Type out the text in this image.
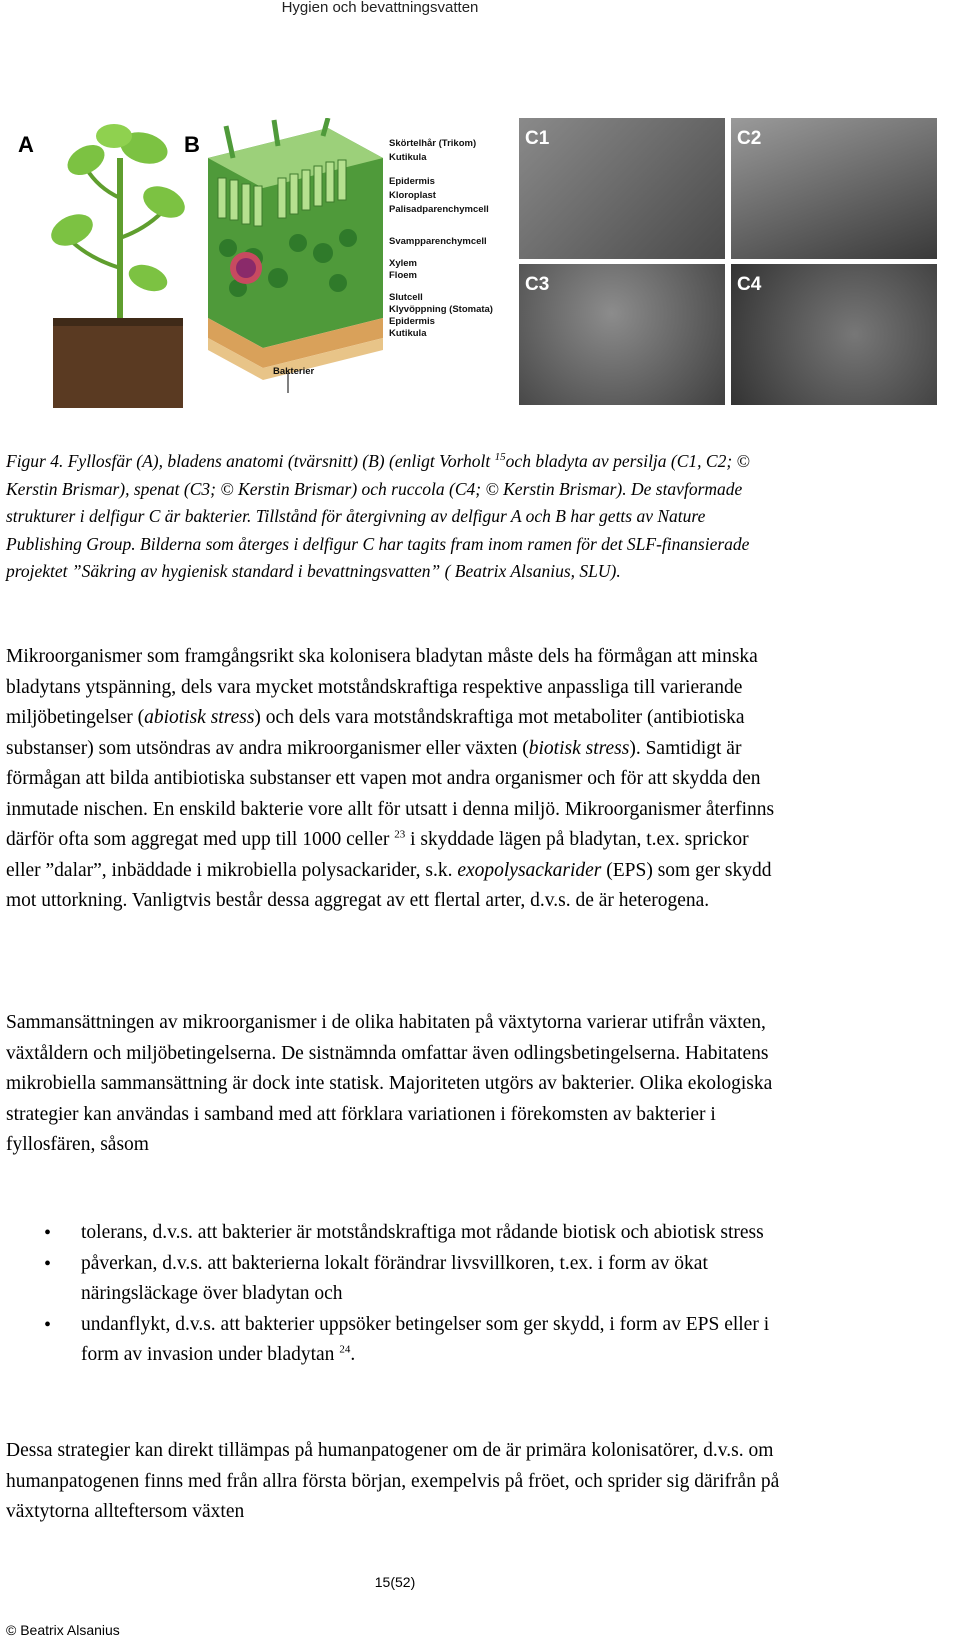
Hygien och bevattningsvatten
A	B	Skörtelhår (Trikom)
Kutikula
Epidermis
Kloroplast
Palisadparenchymcell
Svampparenchymcell
Xylem
Floem
Slutcell
Klyvöppning (Stomata)
Epidermis
Kutikula
Bakterier
C1	C2
C3	C4
Figur 4. Fyllosfär (A), bladens anatomi (tvärsnitt) (B) (enligt Vorholt $^{15}$och bladyta av persilja (C1, C2; © Kerstin Brismar), spenat (C3; © Kerstin Brismar) och ruccola (C4; © Kerstin Brismar). De stavformade strukturer i delfigur C är bakterier. Tillstånd för återgivning av delfigur A och B har getts av Nature Publishing Group. Bilderna som återges i delfigur C har tagits fram inom ramen för det SLF-finansierade projektet ”Säkring av hygienisk standard i bevattningsvatten” ( Beatrix Alsanius, SLU).

Mikroorganismer som framgångsrikt ska kolonisera bladytan måste dels ha förmågan att minska bladytans ytspänning, dels vara mycket motståndskraftiga respektive anpassliga till varierande miljöbetingelser (abiotisk stress) och dels vara motståndskraftiga mot metaboliter (antibiotiska substanser) som utsöndras av andra mikroorganismer eller växten (biotisk stress). Samtidigt är förmågan att bilda antibiotiska substanser ett vapen mot andra organismer och för att skydda den inmutade nischen. En enskild bakterie vore allt för utsatt i denna miljö. Mikroorganismer återfinns därför ofta som aggregat med upp till 1000 celler $^{23}$ i skyddade lägen på bladytan, t.ex. sprickor eller ”dalar”, inbäddade i mikrobiella polysackarider, s.k. exopolysackarider (EPS) som ger skydd mot uttorkning. Vanligtvis består dessa aggregat av ett flertal arter, d.v.s. de är heterogena.

Sammansättningen av mikroorganismer i de olika habitaten på växtytorna varierar utifrån växten, växtåldern och miljöbetingelserna. De sistnämnda omfattar även odlingsbetingelserna. Habitatens mikrobiella sammansättning är dock inte statisk. Majoriteten utgörs av bakterier. Olika ekologiska strategier kan användas i samband med att förklara variationen i förekomsten av bakterier i fyllosfären, såsom

• tolerans, d.v.s. att bakterier är motståndskraftiga mot rådande biotisk och abiotisk stress
• påverkan, d.v.s. att bakterierna lokalt förändrar livsvillkoren, t.ex. i form av ökat näringsläckage över bladytan och
• undanflykt, d.v.s. att bakterier uppsöker betingelser som ger skydd, i form av EPS eller i form av invasion under bladytan $^{24}$.

Dessa strategier kan direkt tillämpas på humanpatogener om de är primära kolonisatörer, d.v.s. om humanpatogenen finns med från allra första början, exempelvis på fröet, och sprider sig därifrån på växtytorna allteftersom växten

15(52)
© Beatrix Alsanius
